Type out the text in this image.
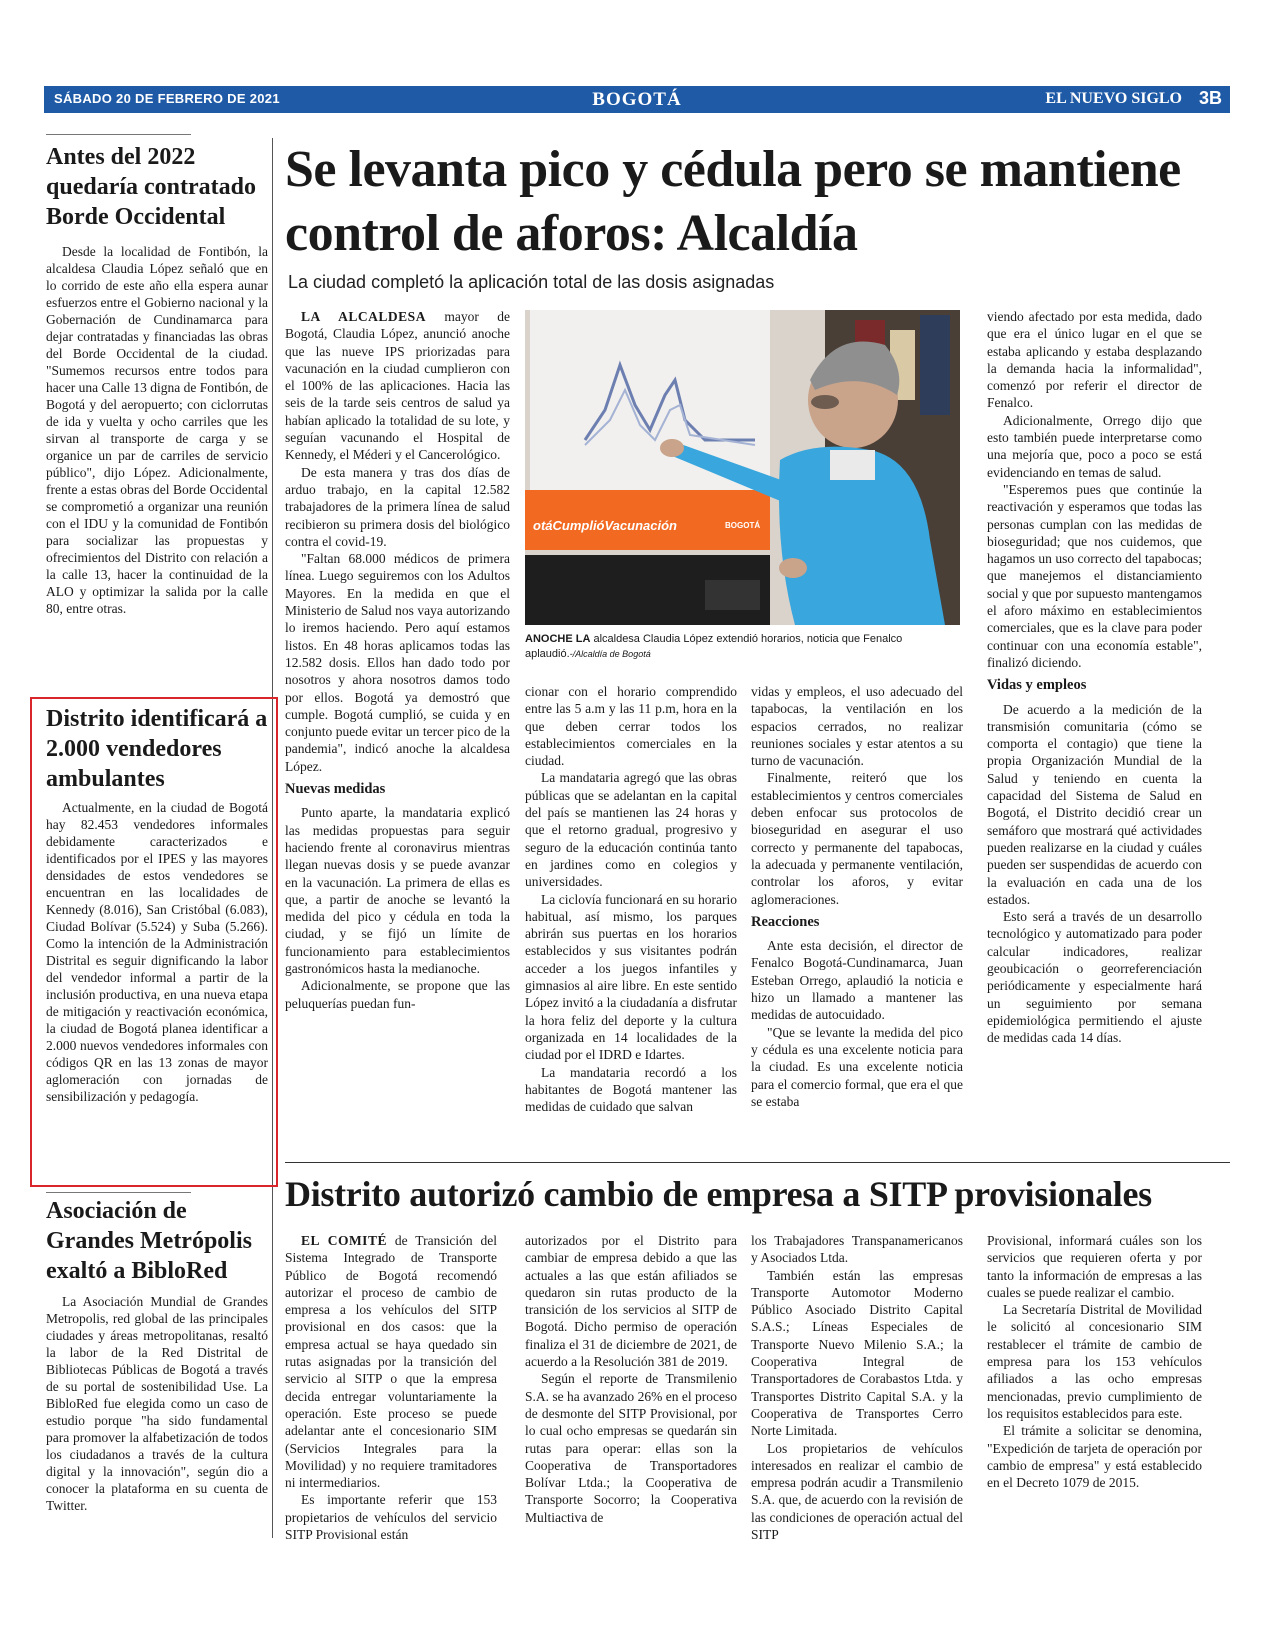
SÁBADO 20 DE FEBRERO DE 2021	BOGOTÁ	EL NUEVO SIGLO 3B
Antes del 2022 quedaría contratado Borde Occidental

Desde la localidad de Fontibón, la alcaldesa Claudia López señaló que en lo corrido de este año ella espera aunar esfuerzos entre el Gobierno nacional y la Gobernación de Cundinamarca para dejar contratadas y financiadas las obras del Borde Occidental de la ciudad. "Sumemos recursos entre todos para hacer una Calle 13 digna de Fontibón, de Bogotá y del aeropuerto; con ciclorrutas de ida y vuelta y ocho carriles que les sirvan al transporte de carga y se organice un par de carriles de servicio público", dijo López. Adicionalmente, frente a estas obras del Borde Occidental se comprometió a organizar una reunión con el IDU y la comunidad de Fontibón para socializar las propuestas y ofrecimientos del Distrito con relación a la calle 13, hacer la continuidad de la ALO y optimizar la salida por la calle 80, entre otras.

Distrito identificará a 2.000 vendedores ambulantes

Actualmente, en la ciudad de Bogotá hay 82.453 vendedores informales debidamente caracterizados e identificados por el IPES y las mayores densidades de estos vendedores se encuentran en las localidades de Kennedy (8.016), San Cristóbal (6.083), Ciudad Bolívar (5.524) y Suba (5.266). Como la intención de la Administración Distrital es seguir dignificando la labor del vendedor informal a partir de la inclusión productiva, en una nueva etapa de mitigación y reactivación económica, la ciudad de Bogotá planea identificar a 2.000 nuevos vendedores informales con códigos QR en las 13 zonas de mayor aglomeración con jornadas de sensibilización y pedagogía.

Asociación de Grandes Metrópolis exaltó a BibloRed

La Asociación Mundial de Grandes Metropolis, red global de las principales ciudades y áreas metropolitanas, resaltó la labor de la Red Distrital de Bibliotecas Públicas de Bogotá a través de su portal de sostenibilidad Use. La BibloRed fue elegida como un caso de estudio porque "ha sido fundamental para promover la alfabetización de todos los ciudadanos a través de la cultura digital y la innovación", según dio a conocer la plataforma en su cuenta de Twitter.

Se levanta pico y cédula pero se mantiene control de aforos: Alcaldía
La ciudad completó la aplicación total de las dosis asignadas

LA ALCALDESA mayor de Bogotá, Claudia López, anunció anoche que las nueve IPS priorizadas para vacunación en la ciudad cumplieron con el 100% de las aplicaciones. Hacia las seis de la tarde seis centros de salud ya habían aplicado la totalidad de su lote, y seguían vacunando el Hospital de Kennedy, el Méderi y el Cancerológico.

De esta manera y tras dos días de arduo trabajo, en la capital 12.582 trabajadores de la primera línea de salud recibieron su primera dosis del biológico contra el covid-19.

"Faltan 68.000 médicos de primera línea. Luego seguiremos con los Adultos Mayores. En la medida en que el Ministerio de Salud nos vaya autorizando lo iremos haciendo. Pero aquí estamos listos. En 48 horas aplicamos todas las 12.582 dosis. Ellos han dado todo por nosotros y ahora nosotros damos todo por ellos. Bogotá ya demostró que cumple. Bogotá cumplió, se cuida y en conjunto puede evitar un tercer pico de la pandemia", indicó anoche la alcaldesa López.

Nuevas medidas

Punto aparte, la mandataria explicó las medidas propuestas para seguir haciendo frente al coronavirus mientras llegan nuevas dosis y se puede avanzar en la vacunación. La primera de ellas es que, a partir de anoche se levantó la medida del pico y cédula en toda la ciudad, y se fijó un límite de funcionamiento para establecimientos gastronómicos hasta la medianoche.

Adicionalmente, se propone que las peluquerías puedan fun-

otáCumplióVacunación	BOGOTÁ
ANOCHE LA alcaldesa Claudia López extendió horarios, noticia que Fenalco aplaudió.-/Alcaldía de Bogotá

cionar con el horario comprendido entre las 5 a.m y las 11 p.m, hora en la que deben cerrar todos los establecimientos comerciales en la ciudad.

La mandataria agregó que las obras públicas que se adelantan en la capital del país se mantienen las 24 horas y que el retorno gradual, progresivo y seguro de la educación continúa tanto en jardines como en colegios y universidades.

La ciclovía funcionará en su horario habitual, así mismo, los parques abrirán sus puertas en los horarios establecidos y sus visitantes podrán acceder a los juegos infantiles y gimnasios al aire libre. En este sentido López invitó a la ciudadanía a disfrutar la hora feliz del deporte y la cultura organizada en 14 localidades de la ciudad por el IDRD e Idartes.

La mandataria recordó a los habitantes de Bogotá mantener las medidas de cuidado que salvan

vidas y empleos, el uso adecuado del tapabocas, la ventilación en los espacios cerrados, no realizar reuniones sociales y estar atentos a su turno de vacunación.

Finalmente, reiteró que los establecimientos y centros comerciales deben enfocar sus protocolos de bioseguridad en asegurar el uso correcto y permanente del tapabocas, la adecuada y permanente ventilación, controlar los aforos, y evitar aglomeraciones.

Reacciones

Ante esta decisión, el director de Fenalco Bogotá-Cundinamarca, Juan Esteban Orrego, aplaudió la noticia e hizo un llamado a mantener las medidas de autocuidado.

"Que se levante la medida del pico y cédula es una excelente noticia para la ciudad. Es una excelente noticia para el comercio formal, que era el que se estaba

viendo afectado por esta medida, dado que era el único lugar en el que se estaba aplicando y estaba desplazando la demanda hacia la informalidad", comenzó por referir el director de Fenalco.

Adicionalmente, Orrego dijo que esto también puede interpretarse como una mejoría que, poco a poco se está evidenciando en temas de salud.

"Esperemos pues que continúe la reactivación y esperamos que todas las personas cumplan con las medidas de bioseguridad; que nos cuidemos, que hagamos un uso correcto del tapabocas; que manejemos el distanciamiento social y que por supuesto mantengamos el aforo máximo en establecimientos comerciales, que es la clave para poder continuar con una economía estable", finalizó diciendo.

Vidas y empleos

De acuerdo a la medición de la transmisión comunitaria (cómo se comporta el contagio) que tiene la propia Organización Mundial de la Salud y teniendo en cuenta la capacidad del Sistema de Salud en Bogotá, el Distrito decidió crear un semáforo que mostrará qué actividades pueden realizarse en la ciudad y cuáles pueden ser suspendidas de acuerdo con la evaluación en cada una de los estados.

Esto será a través de un desarrollo tecnológico y automatizado para poder calcular indicadores, realizar geoubicación o georreferenciación periódicamente y especialmente hará un seguimiento por semana epidemiológica permitiendo el ajuste de medidas cada 14 días.

Distrito autorizó cambio de empresa a SITP provisionales

EL COMITÉ de Transición del Sistema Integrado de Transporte Público de Bogotá recomendó autorizar el proceso de cambio de empresa a los vehículos del SITP provisional en dos casos: que la empresa actual se haya quedado sin rutas asignadas por la transición del servicio al SITP o que la empresa decida entregar voluntariamente la operación. Este proceso se puede adelantar ante el concesionario SIM (Servicios Integrales para la Movilidad) y no requiere tramitadores ni intermediarios.

Es importante referir que 153 propietarios de vehículos del servicio SITP Provisional están

autorizados por el Distrito para cambiar de empresa debido a que las actuales a las que están afiliados se quedaron sin rutas producto de la transición de los servicios al SITP de Bogotá. Dicho permiso de operación finaliza el 31 de diciembre de 2021, de acuerdo a la Resolución 381 de 2019.

Según el reporte de Transmilenio S.A. se ha avanzado 26% en el proceso de desmonte del SITP Provisional, por lo cual ocho empresas se quedarán sin rutas para operar: ellas son la Cooperativa de Transportadores Bolívar Ltda.; la Cooperativa de Transporte Socorro; la Cooperativa Multiactiva de

los Trabajadores Transpanamericanos y Asociados Ltda.

También están las empresas Transporte Automotor Moderno Público Asociado Distrito Capital S.A.S.; Líneas Especiales de Transporte Nuevo Milenio S.A.; la Cooperativa Integral de Transportadores de Corabastos Ltda. y Transportes Distrito Capital S.A. y la Cooperativa de Transportes Cerro Norte Limitada.

Los propietarios de vehículos interesados en realizar el cambio de empresa podrán acudir a Transmilenio S.A. que, de acuerdo con la revisión de las condiciones de operación actual del SITP

Provisional, informará cuáles son los servicios que requieren oferta y por tanto la información de empresas a las cuales se puede realizar el cambio.

La Secretaría Distrital de Movilidad le solicitó al concesionario SIM restablecer el trámite de cambio de empresa para los 153 vehículos afiliados a las ocho empresas mencionadas, previo cumplimiento de los requisitos establecidos para este.

El trámite a solicitar se denomina, "Expedición de tarjeta de operación por cambio de empresa" y está establecido en el Decreto 1079 de 2015.
